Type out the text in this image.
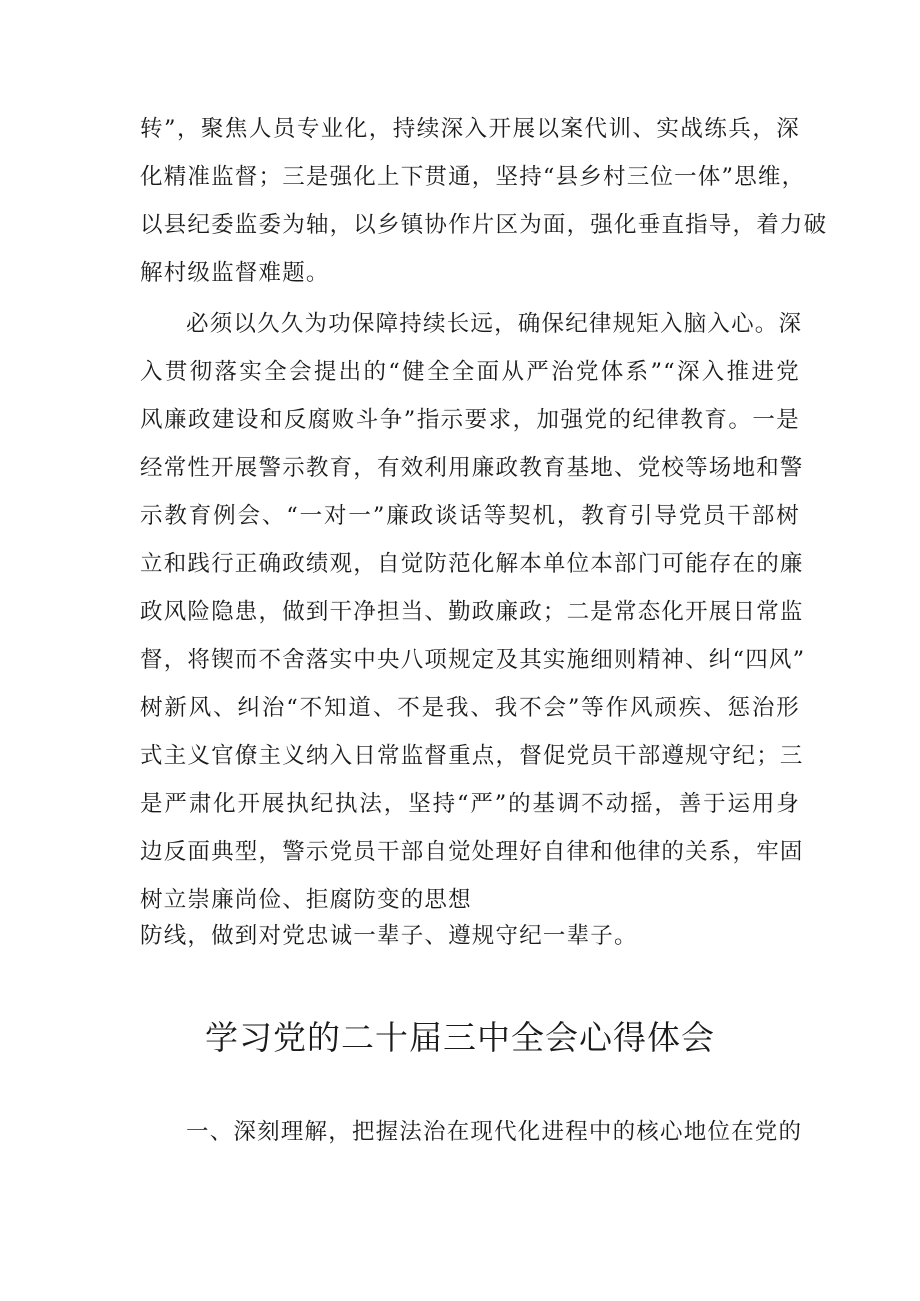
转”，聚焦人员专业化，持续深入开展以案代训、实战练兵，深
化精准监督；三是强化上下贯通，坚持“县乡村三位一体”思维，
以县纪委监委为轴，以乡镇协作片区为面，强化垂直指导，着力破
解村级监督难题。
必须以久久为功保障持续长远，确保纪律规矩入脑入心。深
入贯彻落实全会提出的“健全全面从严治党体系”“深入推进党
风廉政建设和反腐败斗争”指示要求，加强党的纪律教育。一是
经常性开展警示教育，有效利用廉政教育基地、党校等场地和警
示教育例会、“一对一”廉政谈话等契机，教育引导党员干部树
立和践行正确政绩观，自觉防范化解本单位本部门可能存在的廉
政风险隐患，做到干净担当、勤政廉政；二是常态化开展日常监
督，将锲而不舍落实中央八项规定及其实施细则精神、纠“四风”
树新风、纠治“不知道、不是我、我不会”等作风顽疾、惩治形
式主义官僚主义纳入日常监督重点，督促党员干部遵规守纪；三
是严肃化开展执纪执法，坚持“严”的基调不动摇，善于运用身
边反面典型，警示党员干部自觉处理好自律和他律的关系，牢固
树立崇廉尚俭、拒腐防变的思想
防线，做到对党忠诚一辈子、遵规守纪一辈子。
学习党的二十届三中全会心得体会
一、深刻理解，把握法治在现代化进程中的核心地位在党的
